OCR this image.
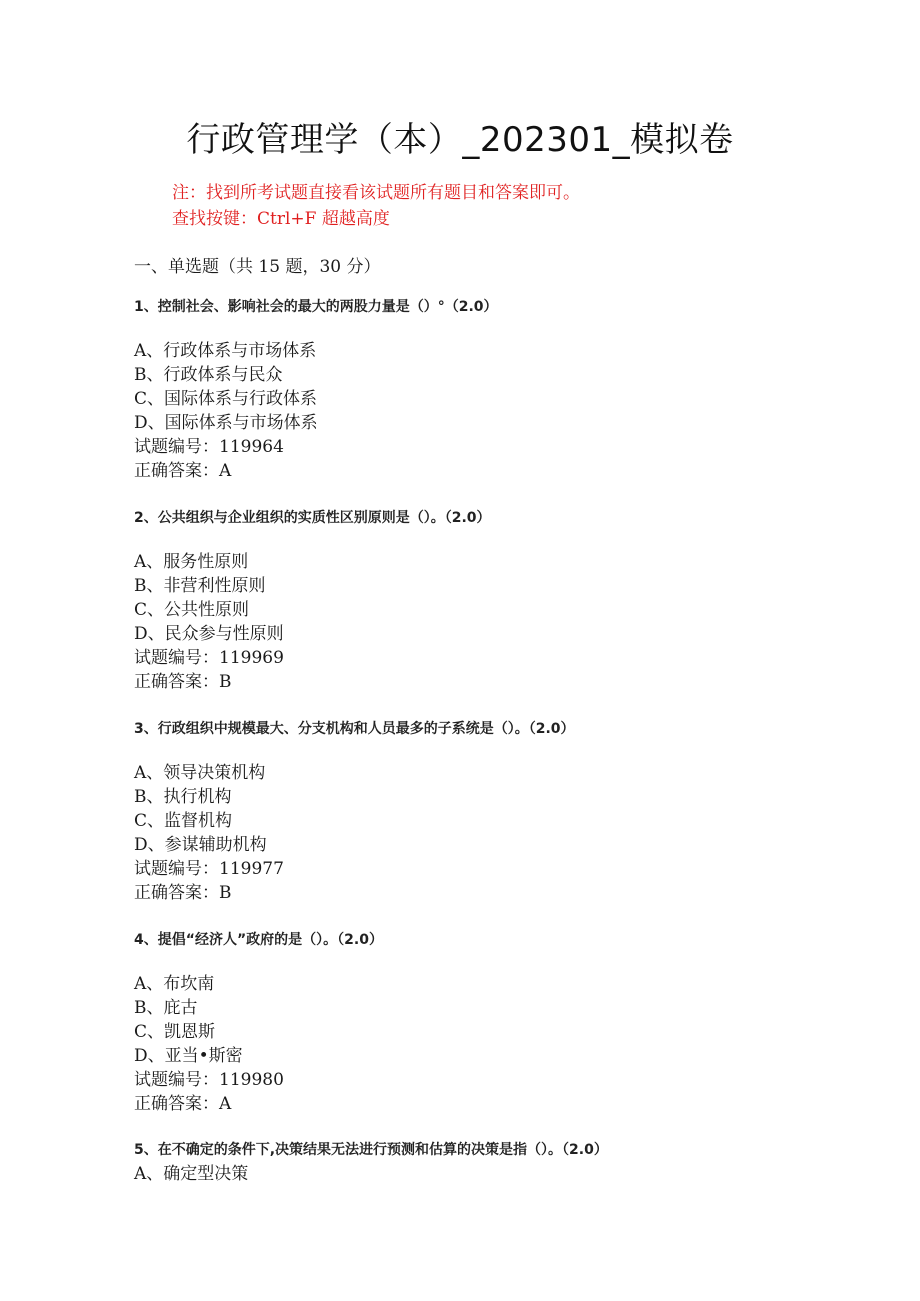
行政管理学（本）_202301_模拟卷
注：找到所考试题直接看该试题所有题目和答案即可。
查找按键：Ctrl+F 超越高度
一、单选题（共 15 题，30 分）
1、控制社会、影响社会的最大的两股力量是（）°（2.0）
A、行政体系与市场体系
B、行政体系与民众
C、国际体系与行政体系
D、国际体系与市场体系
试题编号：119964
正确答案：A
2、公共组织与企业组织的实质性区别原则是（）。（2.0）
A、服务性原则
B、非营利性原则
C、公共性原则
D、民众参与性原则
试题编号：119969
正确答案：B
3、行政组织中规模最大、分支机构和人员最多的子系统是（）。（2.0）
A、领导决策机构
B、执行机构
C、监督机构
D、参谋辅助机构
试题编号：119977
正确答案：B
4、提倡“经济人”政府的是（）。（2.0）
A、布坎南
B、庇古
C、凯恩斯
D、亚当•斯密
试题编号：119980
正确答案：A
5、在不确定的条件下,决策结果无法进行预测和估算的决策是指（）。（2.0）
A、确定型决策
